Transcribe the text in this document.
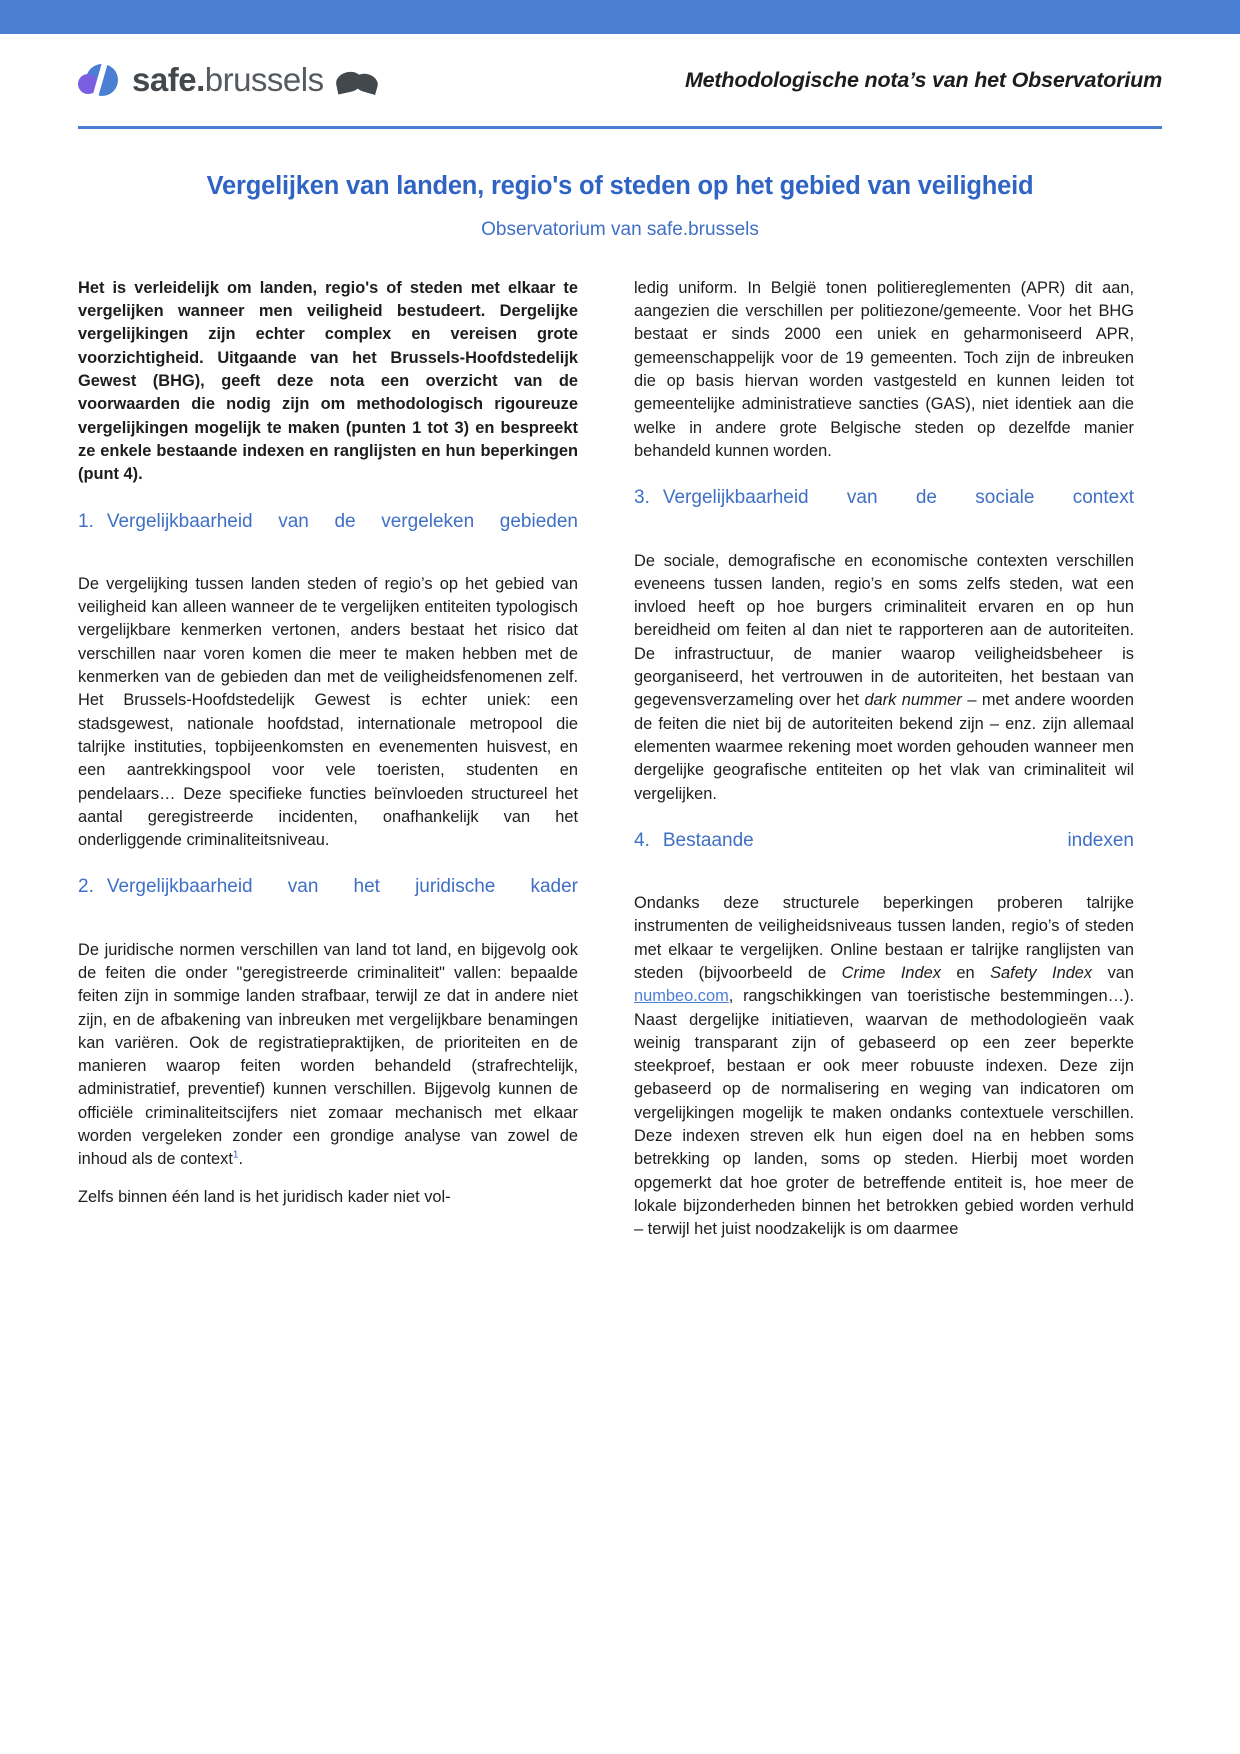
safe.brussels	Methodologische nota’s van het Observatorium
Vergelijken van landen, regio's of steden op het gebied van veiligheid
Observatorium van safe.brussels

Het is verleidelijk om landen, regio's of steden met elkaar te vergelijken wanneer men veiligheid bestudeert. Dergelijke vergelijkingen zijn echter complex en vereisen grote voorzichtigheid. Uitgaande van het Brussels-Hoofdstedelijk Gewest (BHG), geeft deze nota een overzicht van de voorwaarden die nodig zijn om methodologisch rigoureuze vergelijkingen mogelijk te maken (punten 1 tot 3) en bespreekt ze enkele bestaande indexen en ranglijsten en hun beperkingen (punt 4).

1. Vergelijkbaarheid van de vergeleken gebieden

De vergelijking tussen landen steden of regio’s op het gebied van veiligheid kan alleen wanneer de te vergelijken entiteiten typologisch vergelijkbare kenmerken vertonen, anders bestaat het risico dat verschillen naar voren komen die meer te maken hebben met de kenmerken van de gebieden dan met de veiligheidsfenomenen zelf. Het Brussels-Hoofdstedelijk Gewest is echter uniek: een stadsgewest, nationale hoofdstad, internationale metropool die talrijke instituties, topbijeenkomsten en evenementen huisvest, en een aantrekkingspool voor vele toeristen, studenten en pendelaars… Deze specifieke functies beïnvloeden structureel het aantal geregistreerde incidenten, onafhankelijk van het onderliggende criminaliteitsniveau.

2. Vergelijkbaarheid van het juridische kader

De juridische normen verschillen van land tot land, en bijgevolg ook de feiten die onder "geregistreerde criminaliteit" vallen: bepaalde feiten zijn in sommige landen strafbaar, terwijl ze dat in andere niet zijn, en de afbakening van inbreuken met vergelijkbare benamingen kan variëren. Ook de registratiepraktijken, de prioriteiten en de manieren waarop feiten worden behandeld (strafrechtelijk, administratief, preventief) kunnen verschillen. Bijgevolg kunnen de officiële criminaliteitscijfers niet zomaar mechanisch met elkaar worden vergeleken zonder een grondige analyse van zowel de inhoud als de context$^1$.

Zelfs binnen één land is het juridisch kader niet vol-

ledig uniform. In België tonen politiereglementen (APR) dit aan, aangezien die verschillen per politiezone/gemeente. Voor het BHG bestaat er sinds 2000 een uniek en geharmoniseerd APR, gemeenschappelijk voor de 19 gemeenten. Toch zijn de inbreuken die op basis hiervan worden vastgesteld en kunnen leiden tot gemeentelijke administratieve sancties (GAS), niet identiek aan die welke in andere grote Belgische steden op dezelfde manier behandeld kunnen worden.

3. Vergelijkbaarheid van de sociale context

De sociale, demografische en economische contexten verschillen eveneens tussen landen, regio’s en soms zelfs steden, wat een invloed heeft op hoe burgers criminaliteit ervaren en op hun bereidheid om feiten al dan niet te rapporteren aan de autoriteiten. De infrastructuur, de manier waarop veiligheidsbeheer is georganiseerd, het vertrouwen in de autoriteiten, het bestaan van gegevensverzameling over het dark nummer – met andere woorden de feiten die niet bij de autoriteiten bekend zijn – enz. zijn allemaal elementen waarmee rekening moet worden gehouden wanneer men dergelijke geografische entiteiten op het vlak van criminaliteit wil vergelijken.

4. Bestaande indexen

Ondanks deze structurele beperkingen proberen talrijke instrumenten de veiligheidsniveaus tussen landen, regio’s of steden met elkaar te vergelijken. Online bestaan er talrijke ranglijsten van steden (bijvoorbeeld de Crime Index en Safety Index van numbeo.com, rangschikkingen van toeristische bestemmingen…). Naast dergelijke initiatieven, waarvan de methodologieën vaak weinig transparant zijn of gebaseerd op een zeer beperkte steekproef, bestaan er ook meer robuuste indexen. Deze zijn gebaseerd op de normalisering en weging van indicatoren om vergelijkingen mogelijk te maken ondanks contextuele verschillen. Deze indexen streven elk hun eigen doel na en hebben soms betrekking op landen, soms op steden. Hierbij moet worden opgemerkt dat hoe groter de betreffende entiteit is, hoe meer de lokale bijzonderheden binnen het betrokken gebied worden verhuld – terwijl het juist noodzakelijk is om daarmee
